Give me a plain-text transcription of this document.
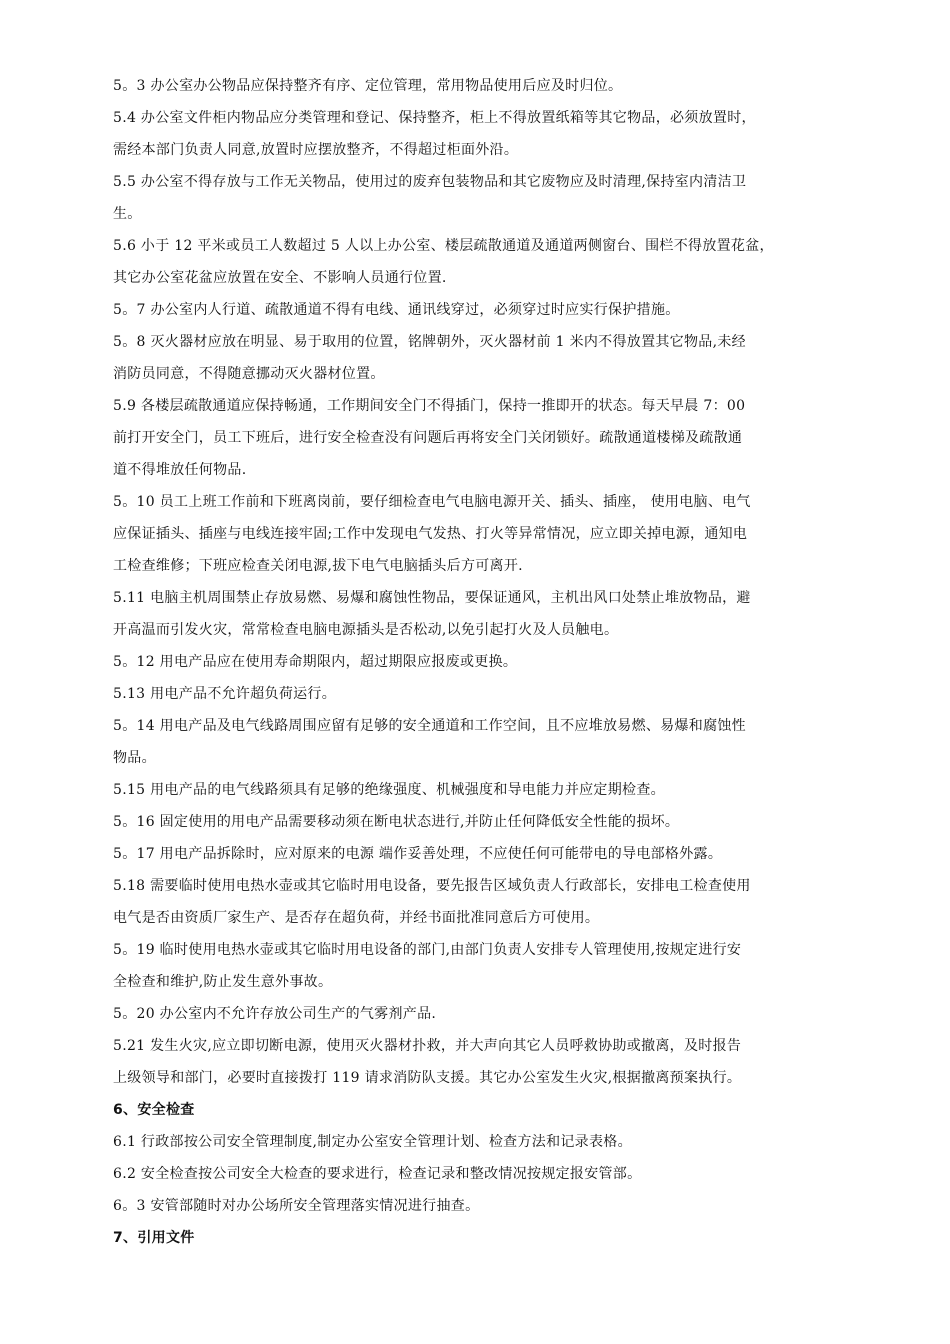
5。3 办公室办公物品应保持整齐有序、定位管理，常用物品使用后应及时归位。
5.4 办公室文件柜内物品应分类管理和登记、保持整齐，柜上不得放置纸箱等其它物品，必须放置时，
需经本部门负责人同意,放置时应摆放整齐，不得超过柜面外沿。
5.5 办公室不得存放与工作无关物品，使用过的废弃包装物品和其它废物应及时清理,保持室内清洁卫
生。
5.6 小于 12 平米或员工人数超过 5 人以上办公室、楼层疏散通道及通道两侧窗台、围栏不得放置花盆，
其它办公室花盆应放置在安全、不影响人员通行位置.
5。7 办公室内人行道、疏散通道不得有电线、通讯线穿过，必须穿过时应实行保护措施。
5。8 灭火器材应放在明显、易于取用的位置，铭牌朝外，灭火器材前 1 米内不得放置其它物品,未经
消防员同意，不得随意挪动灭火器材位置。
5.9 各楼层疏散通道应保持畅通，工作期间安全门不得插门，保持一推即开的状态。每天早晨 7：00
前打开安全门，员工下班后，进行安全检查没有问题后再将安全门关闭锁好。疏散通道楼梯及疏散通
道不得堆放任何物品.
5。10 员工上班工作前和下班离岗前，要仔细检查电气电脑电源开关、插头、插座， 使用电脑、电气
应保证插头、插座与电线连接牢固;工作中发现电气发热、打火等异常情况，应立即关掉电源，通知电
工检查维修；下班应检查关闭电源,拔下电气电脑插头后方可离开.
5.11 电脑主机周围禁止存放易燃、易爆和腐蚀性物品，要保证通风，主机出风口处禁止堆放物品，避
开高温而引发火灾，常常检查电脑电源插头是否松动,以免引起打火及人员触电。
5。12 用电产品应在使用寿命期限内，超过期限应报废或更换。
5.13 用电产品不允许超负荷运行。
5。14 用电产品及电气线路周围应留有足够的安全通道和工作空间，且不应堆放易燃、易爆和腐蚀性
物品。
5.15 用电产品的电气线路须具有足够的绝缘强度、机械强度和导电能力并应定期检查。
5。16 固定使用的用电产品需要移动须在断电状态进行,并防止任何降低安全性能的损坏。
5。17 用电产品拆除时，应对原来的电源 端作妥善处理，不应使任何可能带电的导电部格外露。
5.18 需要临时使用电热水壶或其它临时用电设备，要先报告区域负责人行政部长，安排电工检查使用
电气是否由资质厂家生产、是否存在超负荷，并经书面批准同意后方可使用。
5。19 临时使用电热水壶或其它临时用电设备的部门,由部门负责人安排专人管理使用,按规定进行安
全检查和维护,防止发生意外事故。
5。20 办公室内不允许存放公司生产的气雾剂产品.
5.21 发生火灾,应立即切断电源，使用灭火器材扑救，并大声向其它人员呼救协助或撤离，及时报告
上级领导和部门，必要时直接拨打 119 请求消防队支援。其它办公室发生火灾,根据撤离预案执行。
6、安全检查
6.1 行政部按公司安全管理制度,制定办公室安全管理计划、检查方法和记录表格。
6.2 安全检查按公司安全大检查的要求进行，检查记录和整改情况按规定报安管部。
6。3 安管部随时对办公场所安全管理落实情况进行抽查。
7、引用文件
